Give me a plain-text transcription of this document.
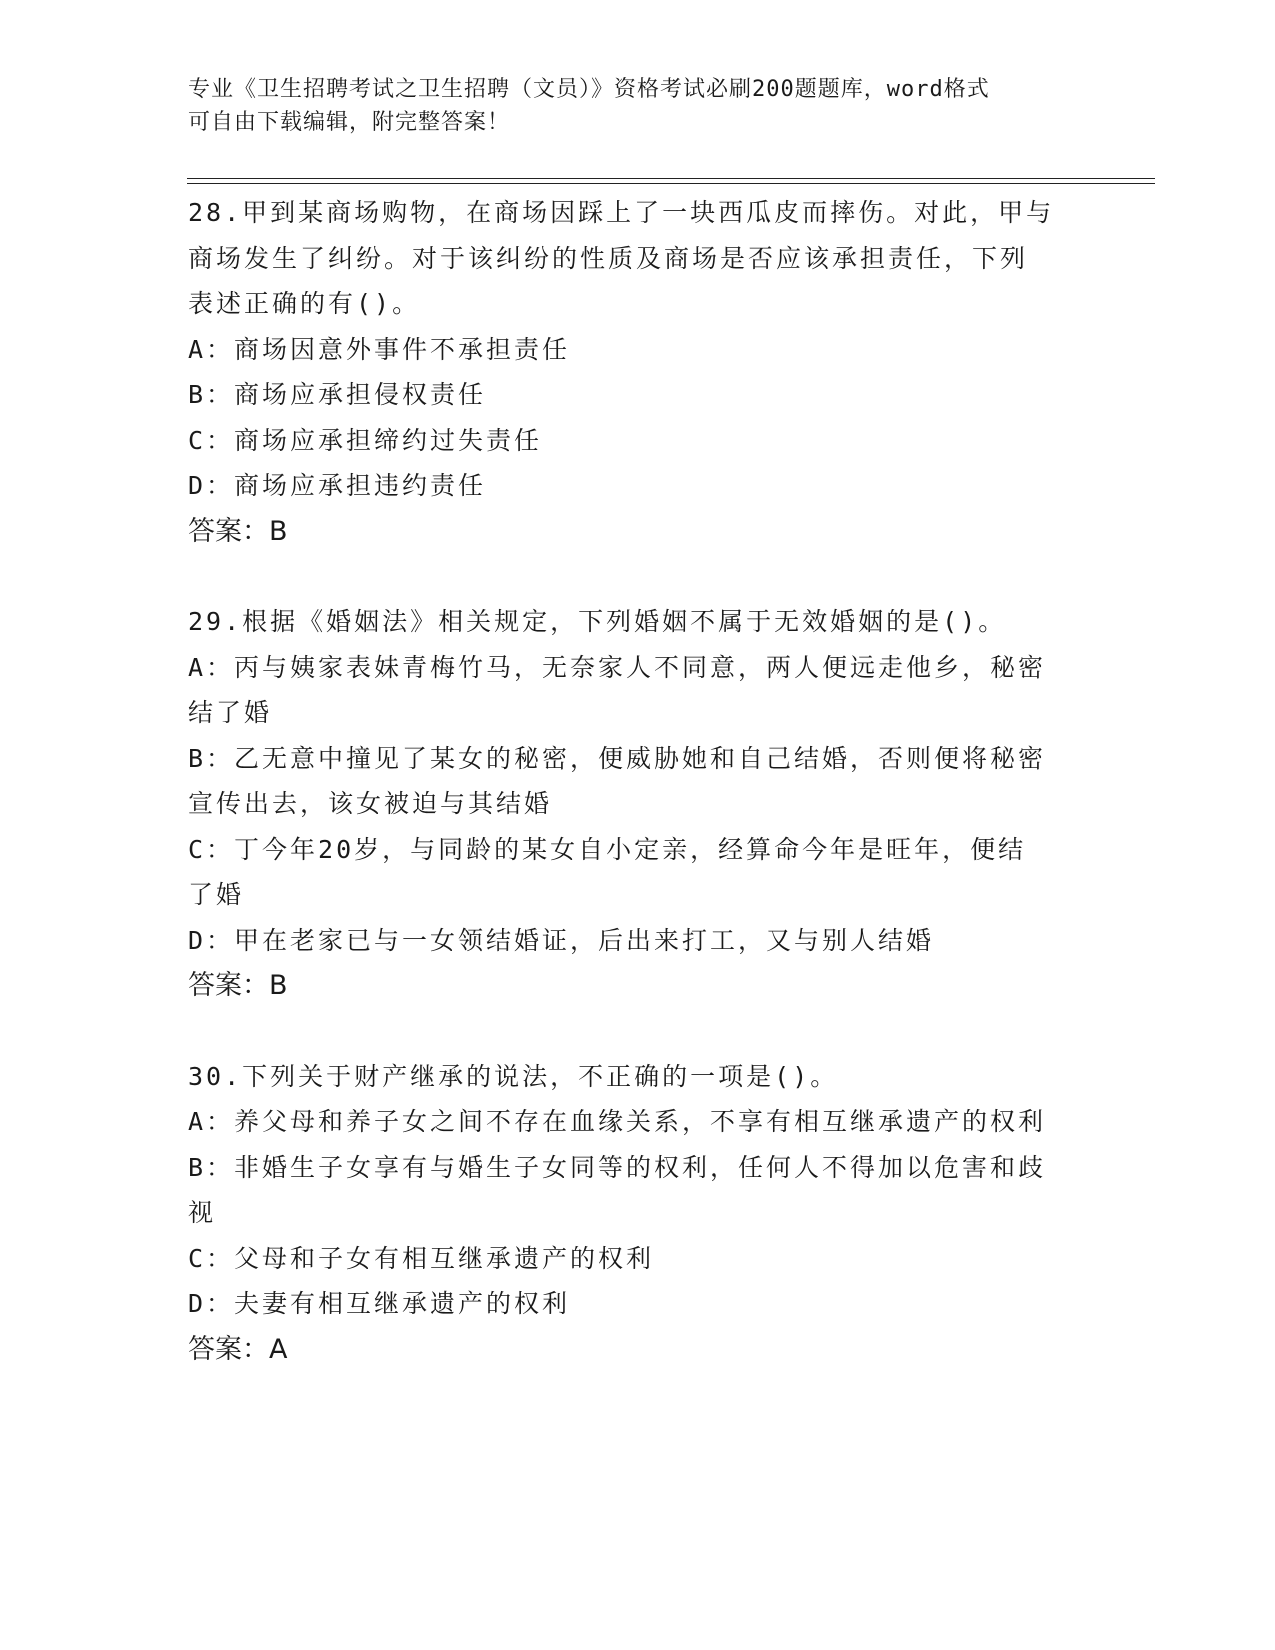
专业《卫生招聘考试之卫生招聘（文员）》资格考试必刷200题题库，word格式
可自由下载编辑，附完整答案！
28.甲到某商场购物，在商场因踩上了一块西瓜皮而摔伤。对此，甲与
商场发生了纠纷。对于该纠纷的性质及商场是否应该承担责任，下列
表述正确的有()。
A：商场因意外事件不承担责任
B：商场应承担侵权责任
C：商场应承担缔约过失责任
D：商场应承担违约责任
答案：B
29.根据《婚姻法》相关规定，下列婚姻不属于无效婚姻的是()。
A：丙与姨家表妹青梅竹马，无奈家人不同意，两人便远走他乡，秘密
结了婚
B：乙无意中撞见了某女的秘密，便威胁她和自己结婚，否则便将秘密
宣传出去，该女被迫与其结婚
C：丁今年20岁，与同龄的某女自小定亲，经算命今年是旺年，便结
了婚
D：甲在老家已与一女领结婚证，后出来打工，又与别人结婚
答案：B
30.下列关于财产继承的说法，不正确的一项是()。
A：养父母和养子女之间不存在血缘关系，不享有相互继承遗产的权利
B：非婚生子女享有与婚生子女同等的权利，任何人不得加以危害和歧
视
C：父母和子女有相互继承遗产的权利
D：夫妻有相互继承遗产的权利
答案：A
